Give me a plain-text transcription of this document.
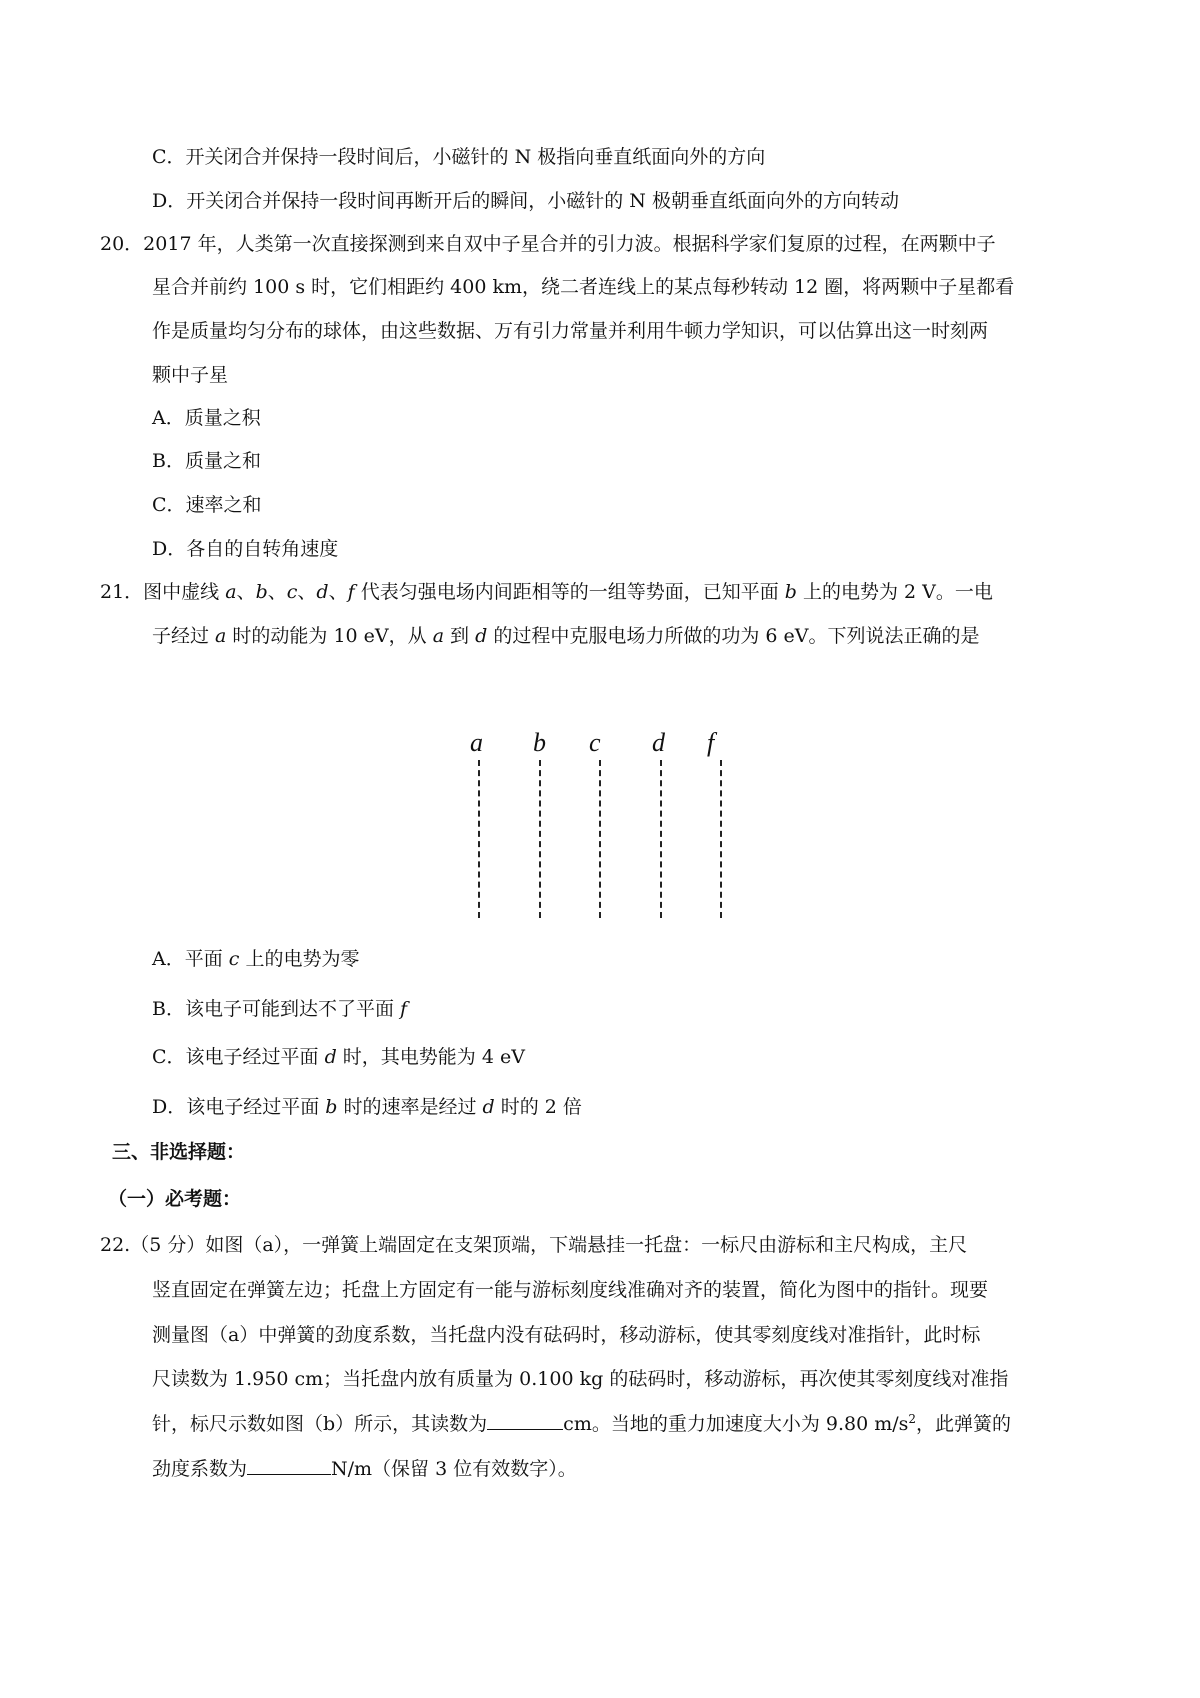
C．开关闭合并保持一段时间后，小磁针的 N 极指向垂直纸面向外的方向
D．开关闭合并保持一段时间再断开后的瞬间，小磁针的 N 极朝垂直纸面向外的方向转动
20．2017 年，人类第一次直接探测到来自双中子星合并的引力波。根据科学家们复原的过程，在两颗中子
星合并前约 100 s 时，它们相距约 400 km，绕二者连线上的某点每秒转动 12 圈，将两颗中子星都看
作是质量均匀分布的球体，由这些数据、万有引力常量并利用牛顿力学知识，可以估算出这一时刻两
颗中子星
A．质量之积
B．质量之和
C．速率之和
D．各自的自转角速度
21．图中虚线 a、b、c、d、f 代表匀强电场内间距相等的一组等势面，已知平面 b 上的电势为 2 V。一电
子经过 a 时的动能为 10 eV，从 a 到 d 的过程中克服电场力所做的功为 6 eV。下列说法正确的是
a b c d f
A．平面 c 上的电势为零
B．该电子可能到达不了平面 f
C．该电子经过平面 d 时，其电势能为 4 eV
D．该电子经过平面 b 时的速率是经过 d 时的 2 倍
三、非选择题：
（一）必考题：
22.（5 分）如图（a），一弹簧上端固定在支架顶端，下端悬挂一托盘：一标尺由游标和主尺构成，主尺
竖直固定在弹簧左边；托盘上方固定有一能与游标刻度线准确对齐的装置，简化为图中的指针。现要
测量图（a）中弹簧的劲度系数，当托盘内没有砝码时，移动游标，使其零刻度线对准指针，此时标
尺读数为 1.950 cm；当托盘内放有质量为 0.100 kg 的砝码时，移动游标，再次使其零刻度线对准指
针，标尺示数如图（b）所示，其读数为	cm。当地的重力加速度大小为 9.80 $m/s^2$，此弹簧的
劲度系数为	N/m（保留 3 位有效数字）。
